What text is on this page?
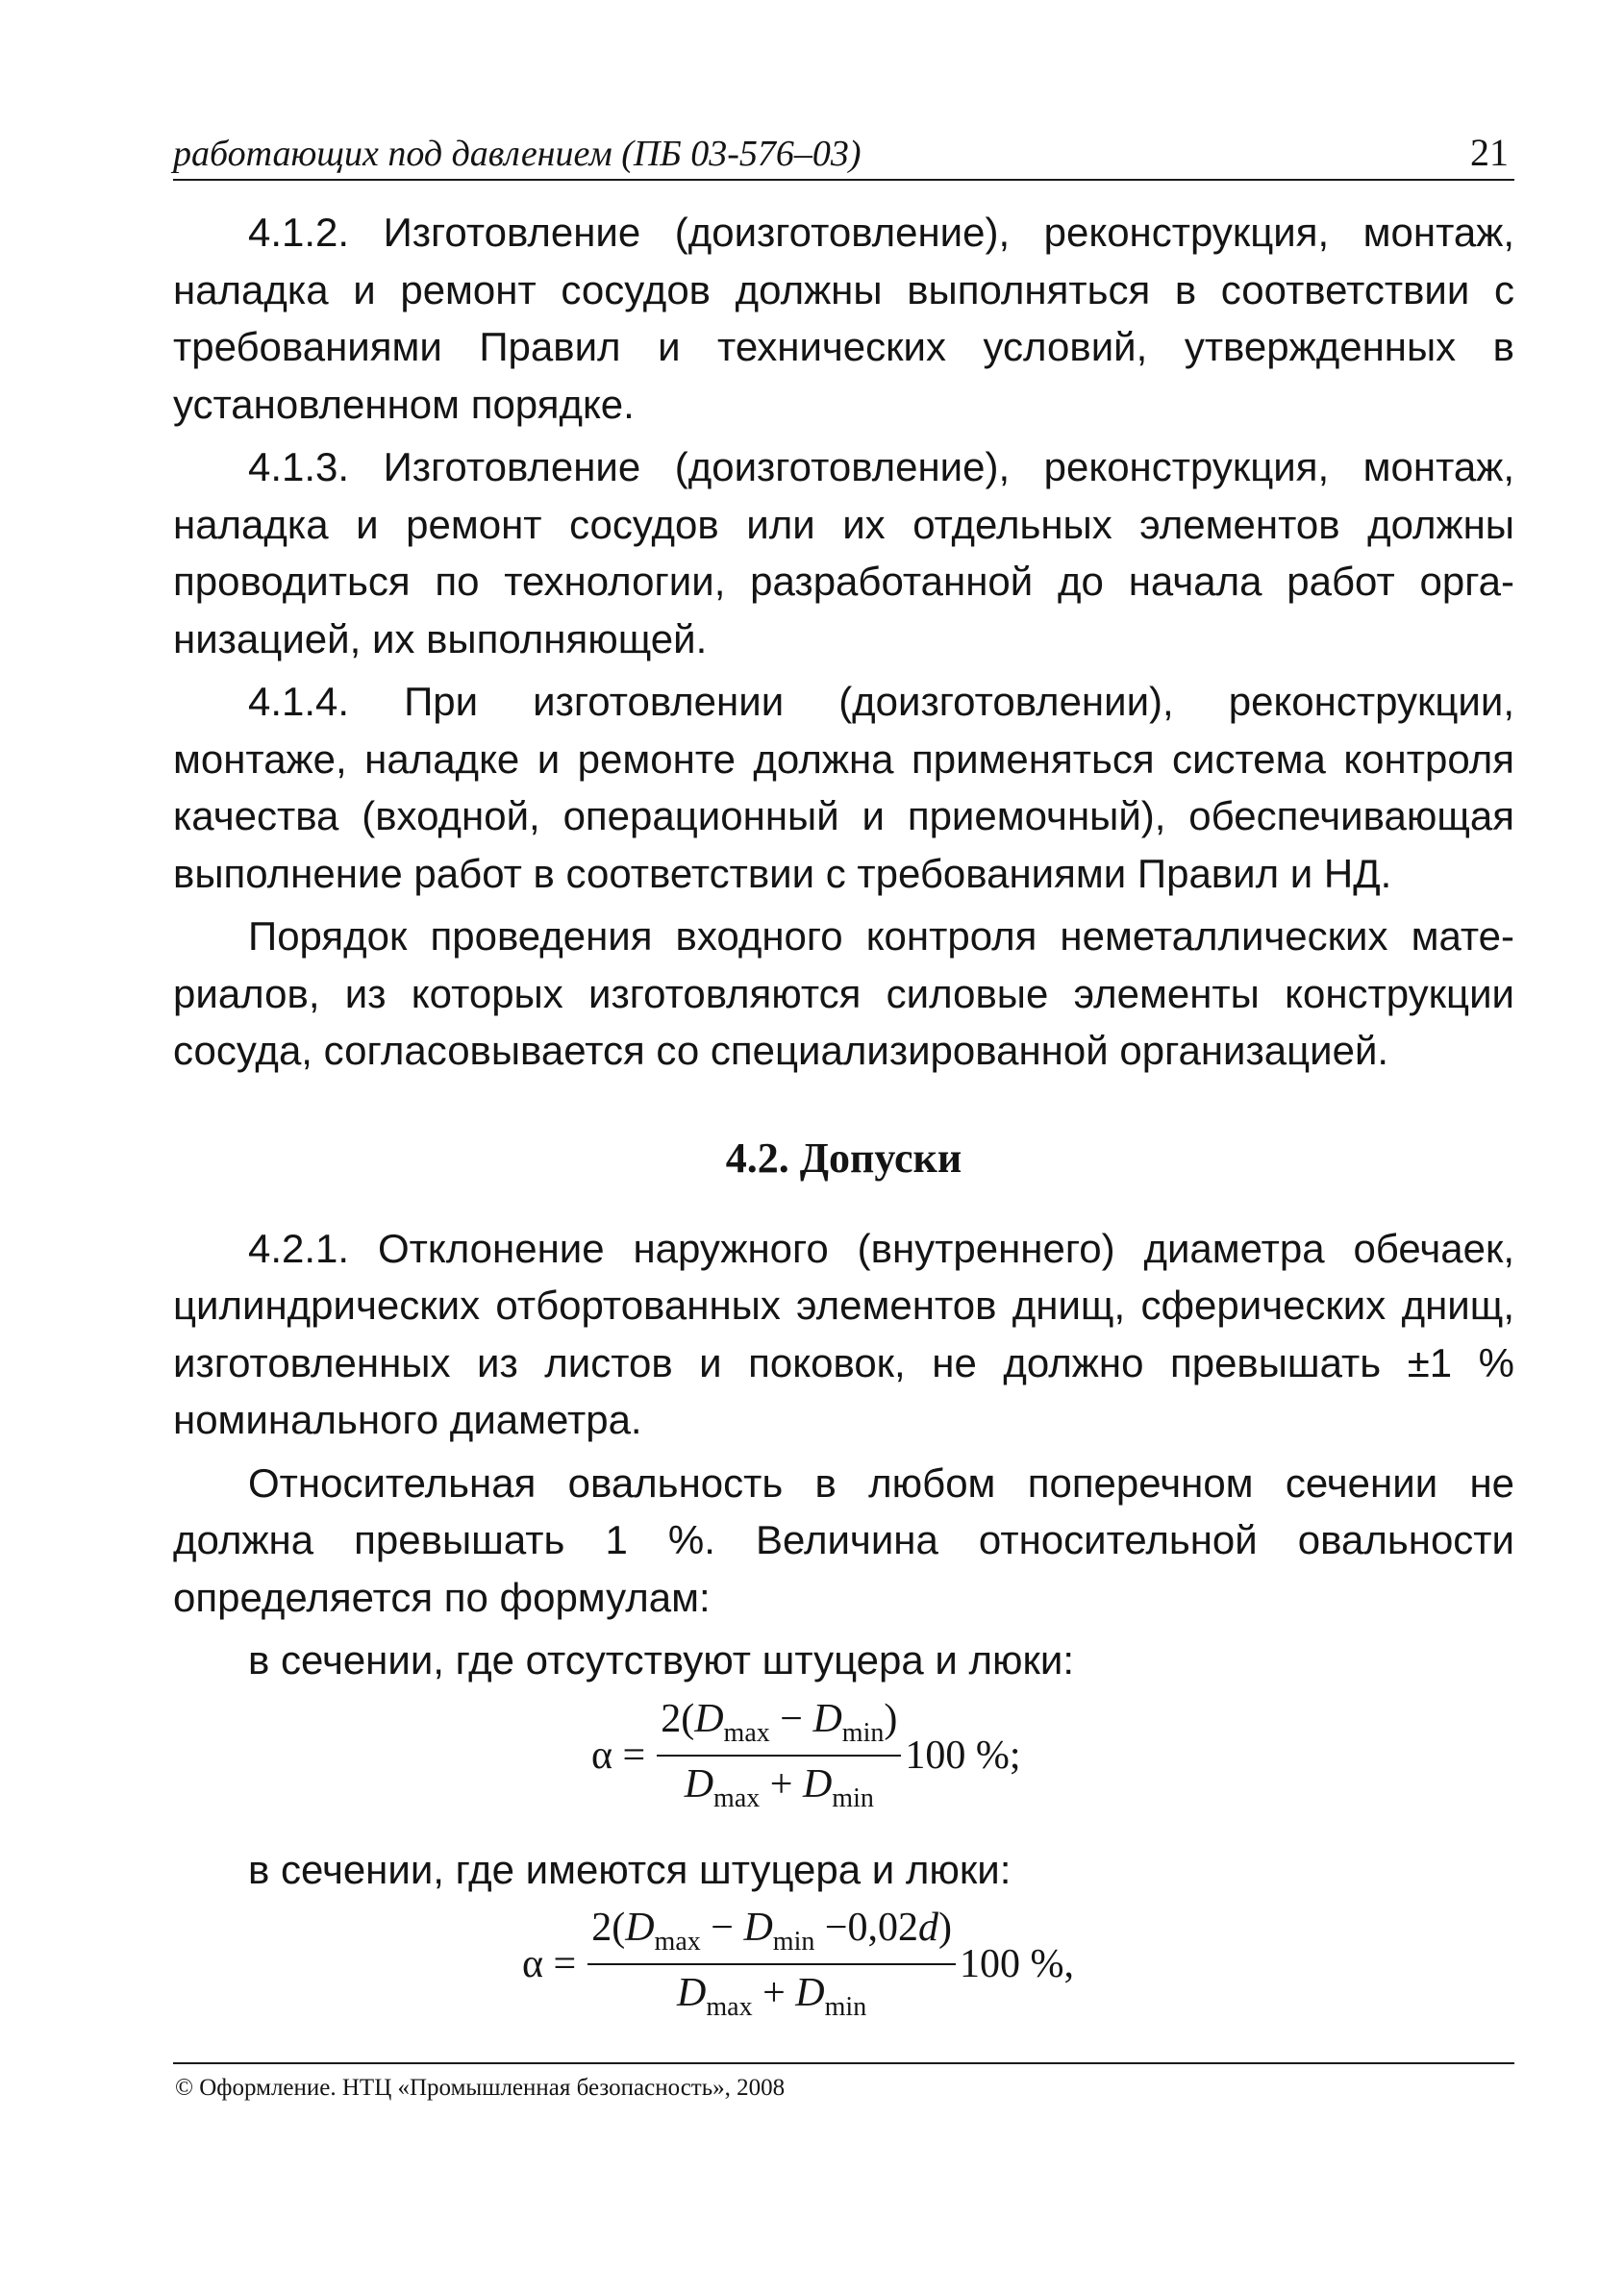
работающих под давлением (ПБ 03-576–03)	21

4.1.2. Изготовление (доизготовление), реконструкция, монтаж, наладка и ремонт сосудов должны выполняться в соответствии с требованиями Правил и технических условий, утвержденных в установленном порядке.

4.1.3. Изготовление (доизготовление), реконструкция, монтаж, наладка и ремонт сосудов или их отдельных элементов должны проводиться по технологии, разработанной до начала работ организацией, их выполняющей.

4.1.4. При изготовлении (доизготовлении), реконструкции, монтаже, наладке и ремонте должна применяться система контроля качества (входной, операционный и приемочный), обеспечивающая выполнение работ в соответствии с требованиями Правил и НД.

Порядок проведения входного контроля неметаллических материалов, из которых изготовляются силовые элементы конструкции сосуда, согласовывается со специализированной организацией.

4.2. Допуски

4.2.1. Отклонение наружного (внутреннего) диаметра обечаек, цилиндрических отбортованных элементов днищ, сферических днищ, изготовленных из листов и поковок, не должно превышать ±1 % номинального диаметра.

Относительная овальность в любом поперечном сечении не должна превышать 1 %. Величина относительной овальности определяется по формулам:

в сечении, где отсутствуют штуцера и люки:

$\alpha = \frac{2(D_{max} - D_{min})}{D_{max} + D_{min}} 100$ %;

в сечении, где имеются штуцера и люки:

$\alpha = \frac{2(D_{max} - D_{min} -0,02d)}{D_{max} + D_{min}} 100$ %,
© Оформление. НТЦ «Промышленная безопасность», 2008
